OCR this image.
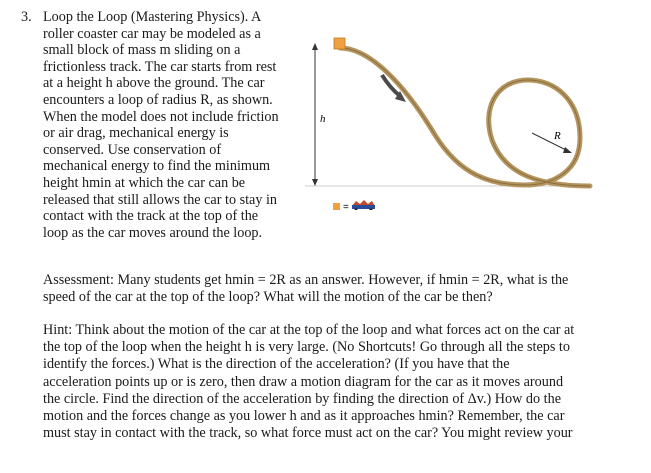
3. Loop the Loop (Mastering Physics). A
roller coaster car may be modeled as a
small block of mass m sliding on a
frictionless track. The car starts from rest
at a height h above the ground. The car
encounters a loop of radius R, as shown.
When the model does not include friction
or air drag, mechanical energy is
conserved. Use conservation of
mechanical energy to find the minimum
height hmin at which the car can be
released that still allows the car to stay in
contact with the track at the top of the
loop as the car moves around the loop.
h
R
=
Assessment: Many students get hmin = 2R as an answer. However, if hmin = 2R, what is the
speed of the car at the top of the loop? What will the motion of the car be then?
Hint: Think about the motion of the car at the top of the loop and what forces act on the car at
the top of the loop when the height h is very large. (No Shortcuts! Go through all the steps to
identify the forces.) What is the direction of the acceleration? (If you have that the
acceleration points up or is zero, then draw a motion diagram for the car as it moves around
the circle. Find the direction of the acceleration by finding the direction of Δv.) How do the
motion and the forces change as you lower h and as it approaches hmin? Remember, the car
must stay in contact with the track, so what force must act on the car? You might review your
